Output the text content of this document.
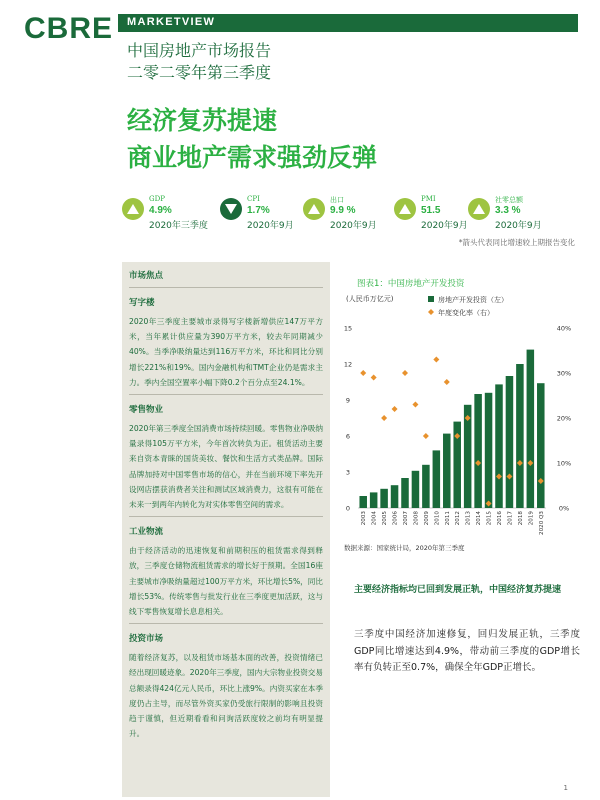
CBRE MARKETVIEW
中国房地产市场报告
二零二零年第三季度
经济复苏提速
商业地产需求强劲反弹
GDP
4.9%
2020年三季度
CPI
1.7%
2020年9月
出口
9.9 %
2020年9月
PMI
51.5
2020年9月
社零总额
3.3 %
2020年9月
*箭头代表同比增速较上期报告变化
市场焦点
写字楼

2020年三季度主要城市录得写字楼新增供应147万平方米，当年累计供应量为390万平方米，较去年同期减少40%。当季净吸纳量达到116万平方米，环比和同比分别增长221%和19%。国内金融机构和TMT企业仍是需求主力。季内全国空置率小幅下降0.2个百分点至24.1%。

零售物业

2020年第三季度全国消费市场持续回暖。零售物业净吸纳量录得105万平方米，今年首次转负为正。租赁活动主要来自资本青睐的国货美妆、餐饮和生活方式类品牌。国际品牌加持对中国零售市场的信心，并在当前环境下率先开设网店摆获消费者关注和测试区域消费力，这很有可能在未来一到两年内转化为对实体零售空间的需求。

工业物流

由于经济活动的迅速恢复和前期积压的租赁需求得到释放，三季度仓储物流租赁需求的增长好于预期。全国16座主要城市净吸纳量超过100万平方米，环比增长5%，同比增长53%。传统零售与批发行业在三季度更加活跃，这与线下零售恢复增长息息相关。

投资市场

随着经济复苏，以及租赁市场基本面的改善，投资情绪已经出现回暖迹象。2020年三季度，国内大宗物业投资交易总额录得424亿元人民币，环比上涨9%。内资买家在本季度仍占主导，而尽管外资买家仍受旅行限制的影响且投资趋于谨慎，但近期看看和问询活跃度较之前均有明显提升。

图表1：中国房地产开发投资
(人民币万亿元)	房地产开发投资（左）
年度变化率（右）
0
3
6
9
12
15
0%
10%
20%
30%
40%
2003 2004 2005 2006 2007 2008 2009 2010 2011 2012 2013 2014 2015 2016 2017 2018 2019 2020 Q3
数据来源：国家统计局，2020年第三季度
主要经济指标均已回到发展正轨，中国经济复苏提速
三季度中国经济加速修复，回归发展正轨，三季度GDP同比增速达到4.9%，带动前三季度的GDP增长率有负转正至0.7%，确保全年GDP正增长。
1
